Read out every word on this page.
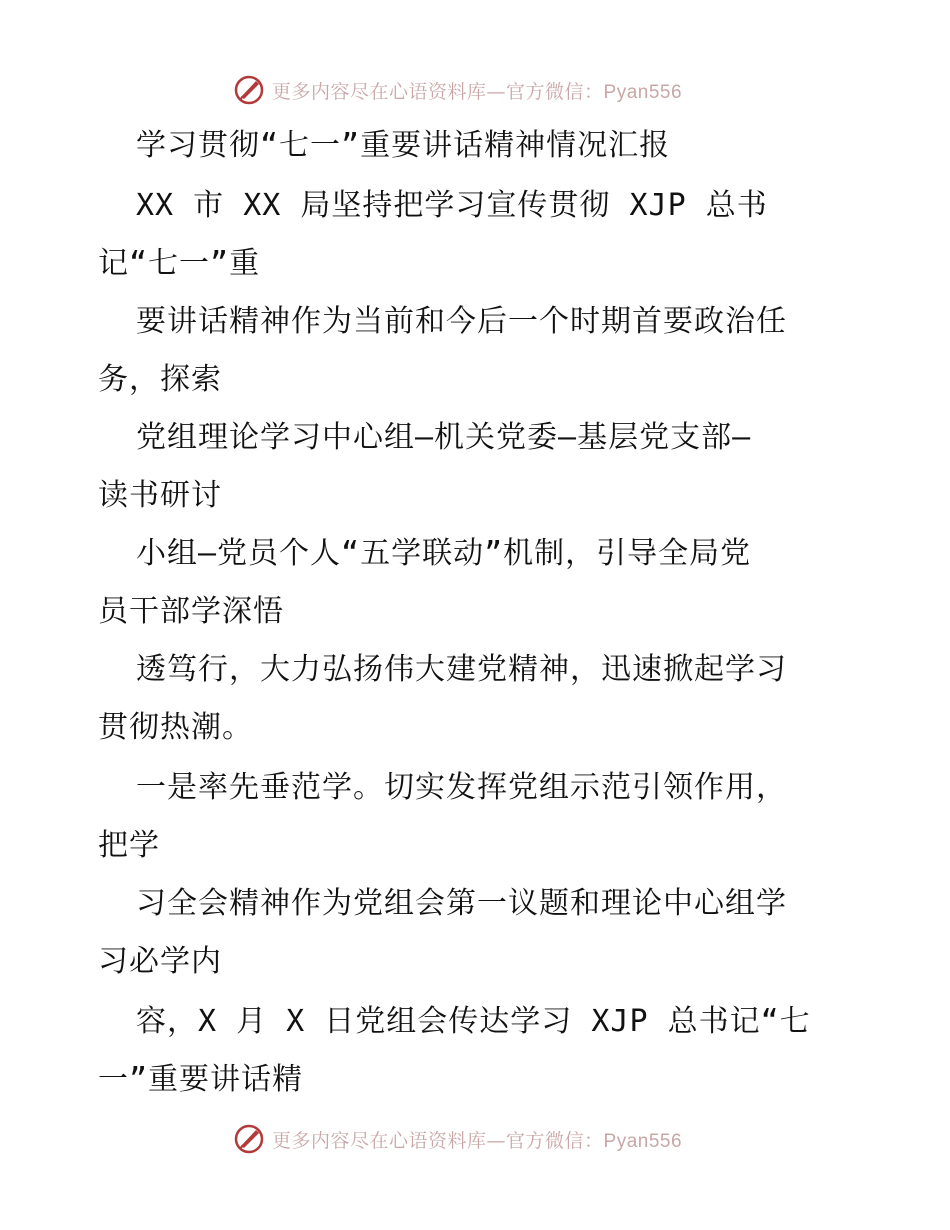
更多内容尽在心语资料库—官方微信：Pyan556
学习贯彻“七一”重要讲话精神情况汇报
XX 市 XX 局坚持把学习宣传贯彻 XJP 总书
记“七一”重
要讲话精神作为当前和今后一个时期首要政治任
务，探索
党组理论学习中心组—机关党委—基层党支部—
读书研讨
小组—党员个人“五学联动”机制，引导全局党
员干部学深悟
透笃行，大力弘扬伟大建党精神，迅速掀起学习
贯彻热潮。
一是率先垂范学。切实发挥党组示范引领作用，
把学
习全会精神作为党组会第一议题和理论中心组学
习必学内
容，X 月 X 日党组会传达学习 XJP 总书记“七
一”重要讲话精
更多内容尽在心语资料库—官方微信：Pyan556
